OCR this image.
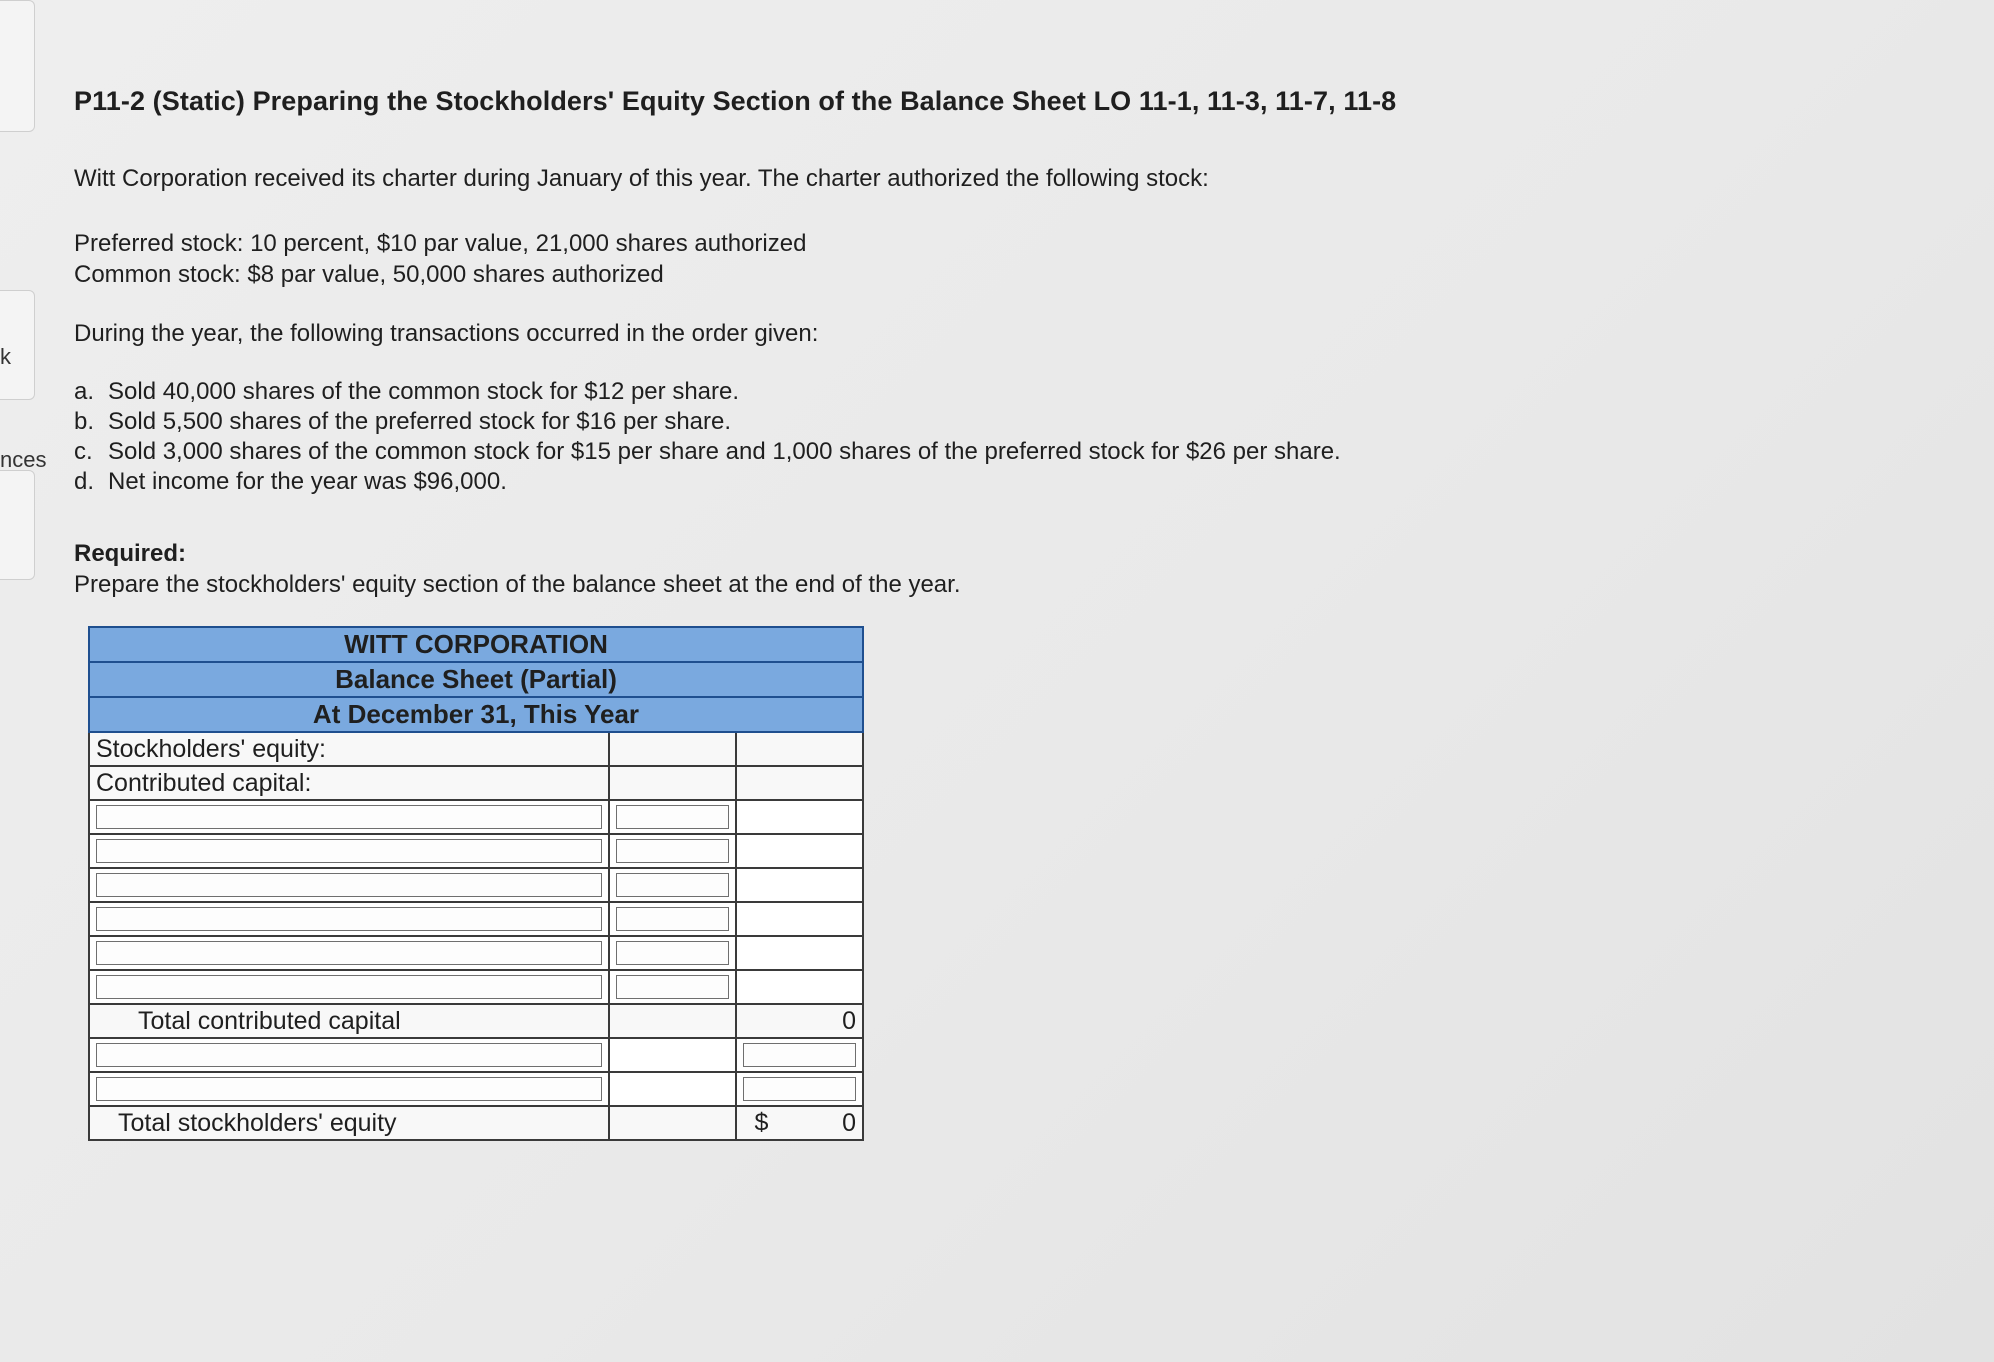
k
nces
P11-2 (Static) Preparing the Stockholders' Equity Section of the Balance Sheet LO 11-1, 11-3, 11-7, 11-8

Witt Corporation received its charter during January of this year. The charter authorized the following stock:

Preferred stock: 10 percent, $10 par value, 21,000 shares authorized

Common stock: $8 par value, 50,000 shares authorized

During the year, the following transactions occurred in the order given:

a. Sold 40,000 shares of the common stock for $12 per share.
b. Sold 5,500 shares of the preferred stock for $16 per share.
c. Sold 3,000 shares of the common stock for $15 per share and 1,000 shares of the preferred stock for $26 per share.
d. Net income for the year was $96,000.
Required:

Prepare the stockholders' equity section of the balance sheet at the end of the year.

WITT CORPORATION		
Balance Sheet (Partial)		
At December 31, This Year		
Stockholders' equity:		
Contributed capital:		

Total contributed capital		0

Total stockholders' equity		$ 0
